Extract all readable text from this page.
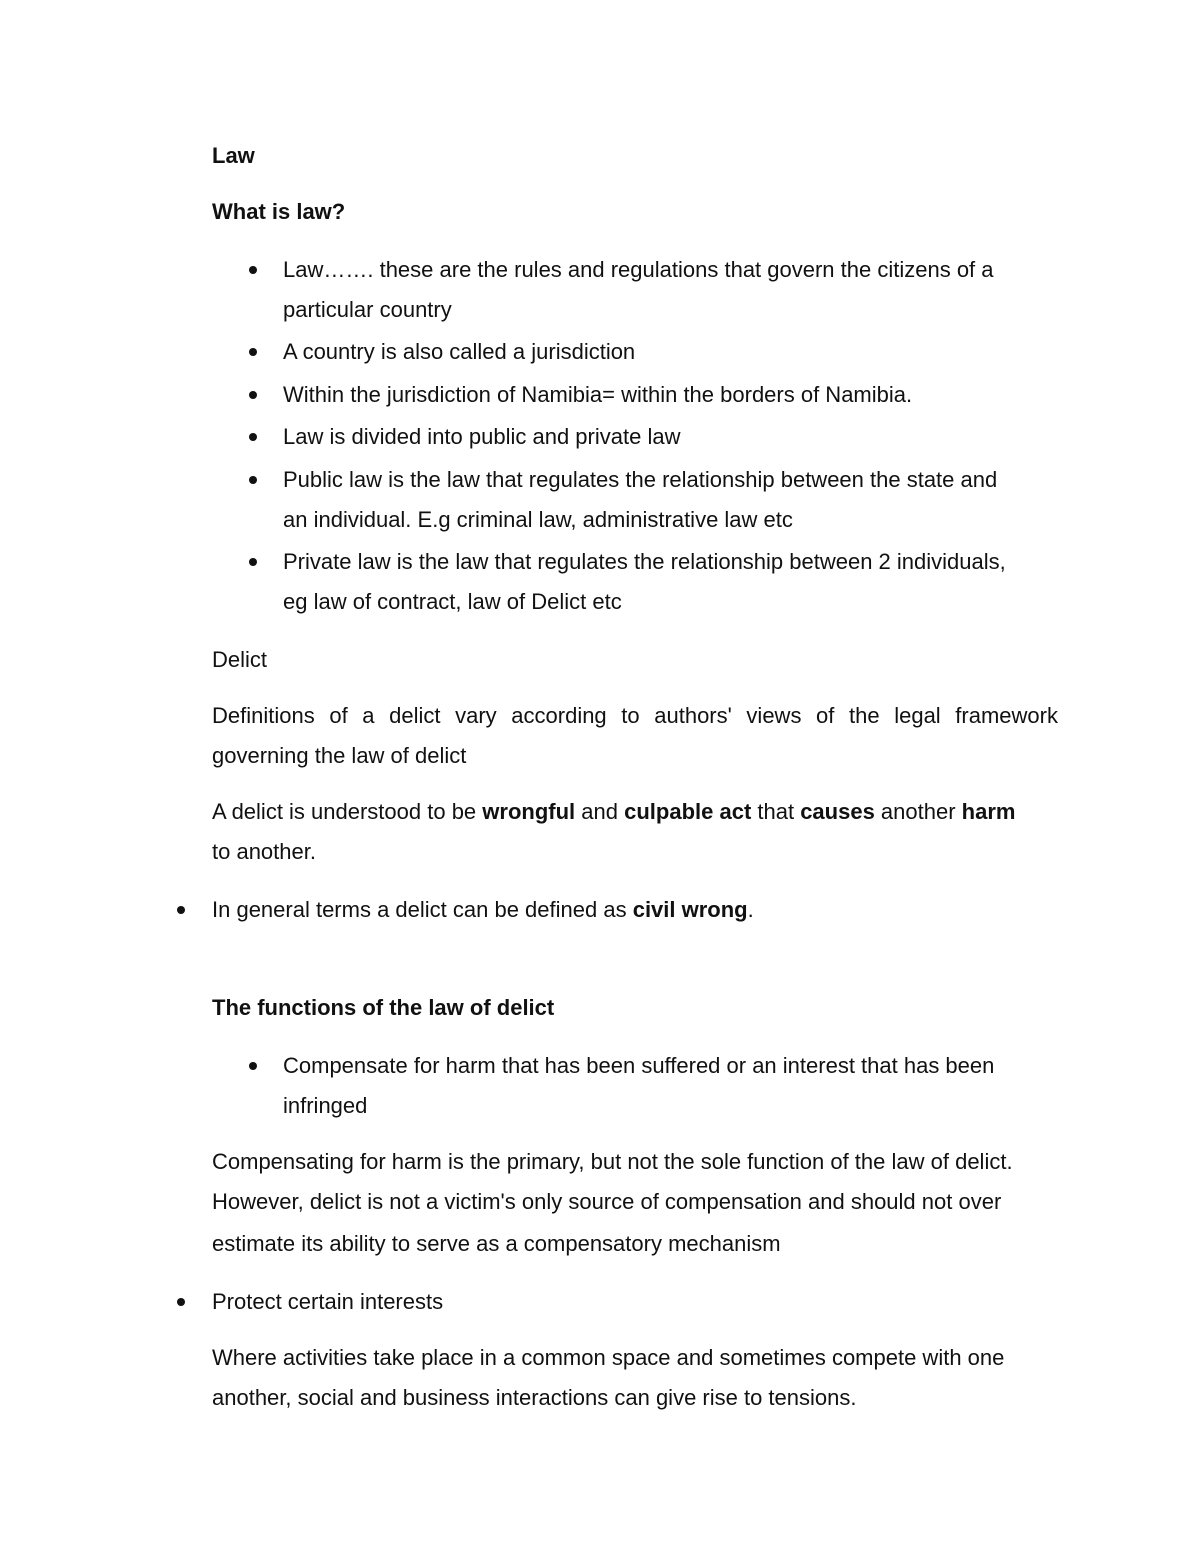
Law
What is law?
Law……. these are the rules and regulations that govern the citizens of a
particular country
A country is also called a jurisdiction
Within the jurisdiction of Namibia= within the borders of Namibia.
Law is divided into public and private law
Public law is the law that regulates the relationship between the state and
an individual. E.g criminal law, administrative law etc
Private law is the law that regulates the relationship between 2 individuals,
eg law of contract, law of Delict etc
Delict
Definitions of a delict vary according to authors' views of the legal framework
governing the law of delict
A delict is understood to be wrongful and culpable act that causes another harm
to another.
In general terms a delict can be defined as civil wrong.
The functions of the law of delict
Compensate for harm that has been suffered or an interest that has been
infringed
Compensating for harm is the primary, but not the sole function of the law of delict.
However, delict is not a victim's only source of compensation and should not over
estimate its ability to serve as a compensatory mechanism
Protect certain interests
Where activities take place in a common space and sometimes compete with one
another, social and business interactions can give rise to tensions.
